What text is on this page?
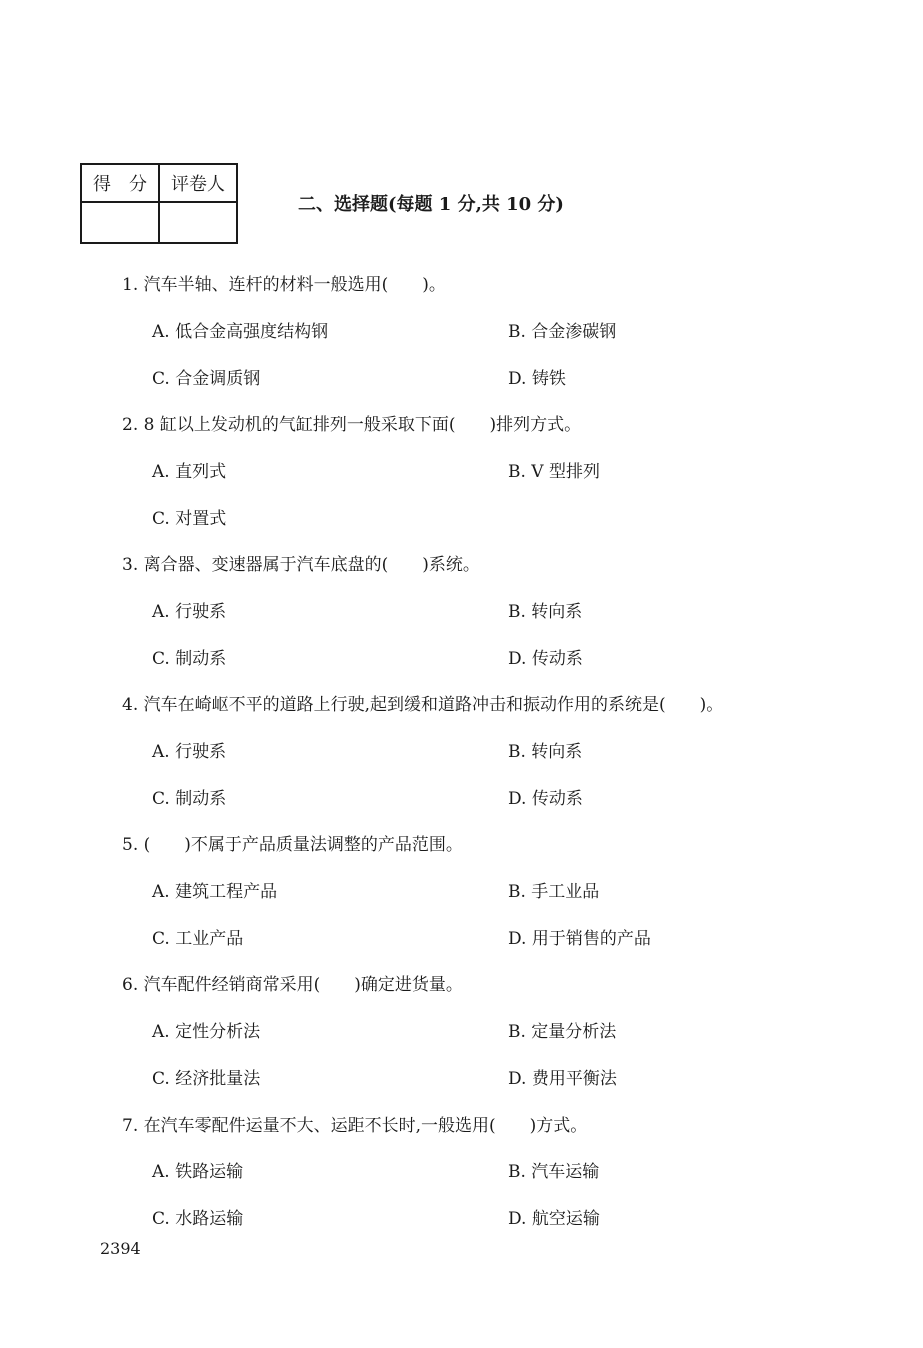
得　分	评卷人

二、选择题(每题 1 分,共 10 分)
1. 汽车半轴、连杆的材料一般选用(　　)。
A. 低合金高强度结构钢	B. 合金渗碳钢
C. 合金调质钢	D. 铸铁
2. 8 缸以上发动机的气缸排列一般采取下面(　　)排列方式。
A. 直列式	B. V 型排列
C. 对置式
3. 离合器、变速器属于汽车底盘的(　　)系统。
A. 行驶系	B. 转向系
C. 制动系	D. 传动系
4. 汽车在崎岖不平的道路上行驶,起到缓和道路冲击和振动作用的系统是(　　)。
A. 行驶系	B. 转向系
C. 制动系	D. 传动系
5. (　　)不属于产品质量法调整的产品范围。
A. 建筑工程产品	B. 手工业品
C. 工业产品	D. 用于销售的产品
6. 汽车配件经销商常采用(　　)确定进货量。
A. 定性分析法	B. 定量分析法
C. 经济批量法	D. 费用平衡法
7. 在汽车零配件运量不大、运距不长时,一般选用(　　)方式。
A. 铁路运输	B. 汽车运输
C. 水路运输	D. 航空运输
2394
